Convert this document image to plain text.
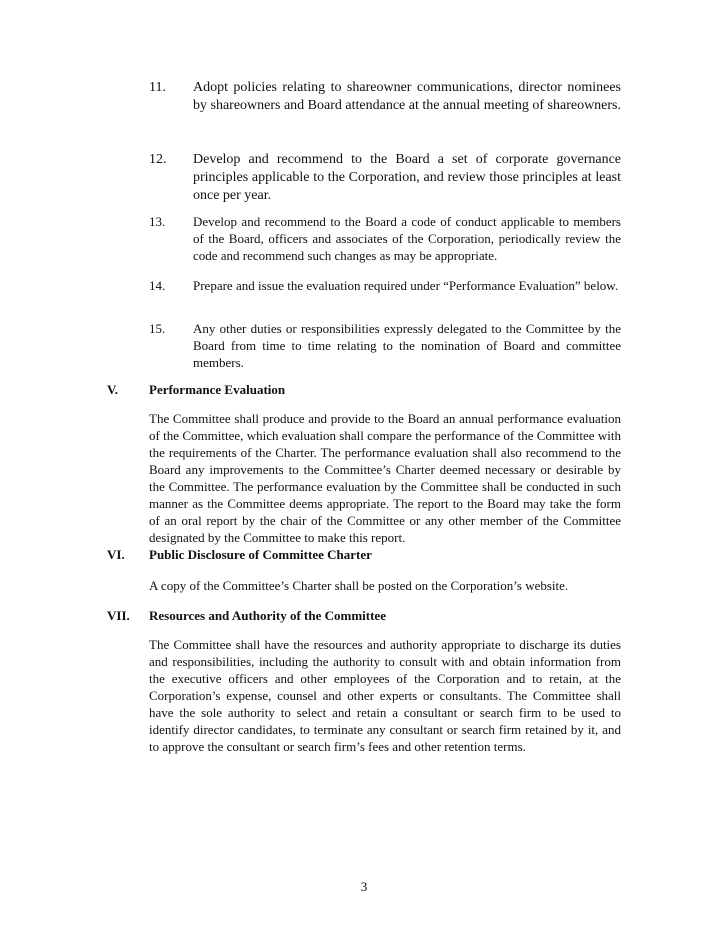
11. Adopt policies relating to shareowner communications, director nominees by shareowners and Board attendance at the annual meeting of shareowners.
12. Develop and recommend to the Board a set of corporate governance principles applicable to the Corporation, and review those principles at least once per year.
13. Develop and recommend to the Board a code of conduct applicable to members of the Board, officers and associates of the Corporation, periodically review the code and recommend such changes as may be appropriate.
14. Prepare and issue the evaluation required under “Performance Evaluation” below.
15. Any other duties or responsibilities expressly delegated to the Committee by the Board from time to time relating to the nomination of Board and committee members.
V. Performance Evaluation
The Committee shall produce and provide to the Board an annual performance evaluation of the Committee, which evaluation shall compare the performance of the Committee with the requirements of the Charter. The performance evaluation shall also recommend to the Board any improvements to the Committee’s Charter deemed necessary or desirable by the Committee. The performance evaluation by the Committee shall be conducted in such manner as the Committee deems appropriate. The report to the Board may take the form of an oral report by the chair of the Committee or any other member of the Committee designated by the Committee to make this report.
VI. Public Disclosure of Committee Charter
A copy of the Committee’s Charter shall be posted on the Corporation’s website.
VII. Resources and Authority of the Committee
The Committee shall have the resources and authority appropriate to discharge its duties and responsibilities, including the authority to consult with and obtain information from the executive officers and other employees of the Corporation and to retain, at the Corporation’s expense, counsel and other experts or consultants. The Committee shall have the sole authority to select and retain a consultant or search firm to be used to identify director candidates, to terminate any consultant or search firm retained by it, and to approve the consultant or search firm’s fees and other retention terms.
3
